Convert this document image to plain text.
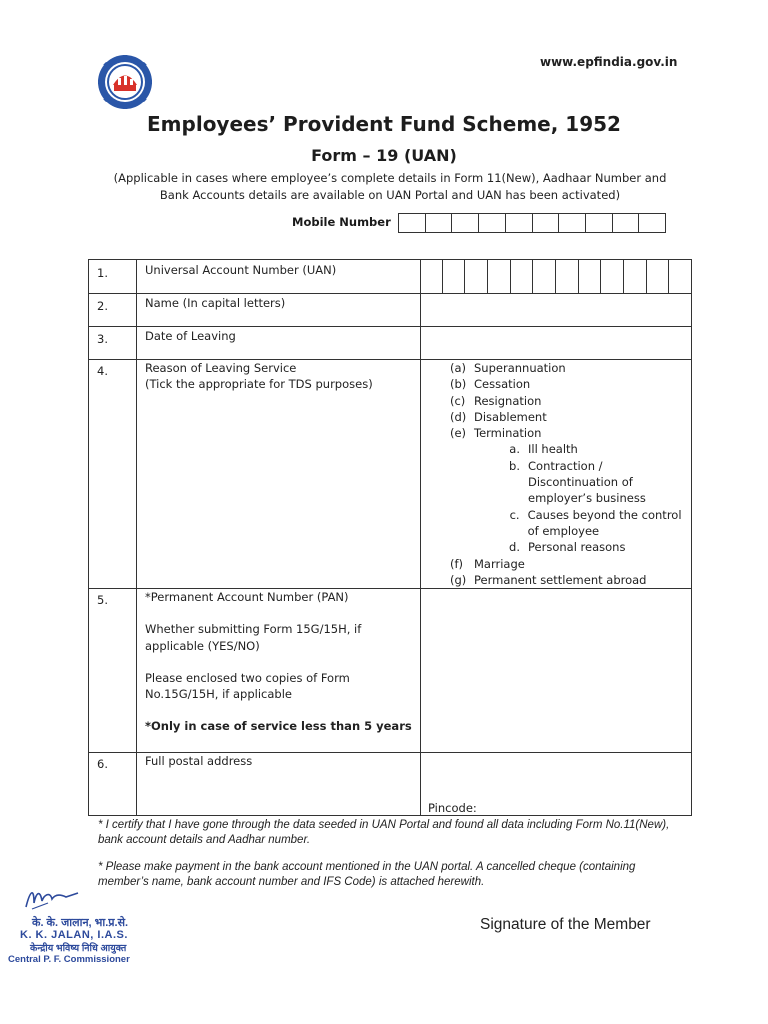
www.epfindia.gov.in
Employees’ Provident Fund Scheme, 1952
Form – 19 (UAN)
(Applicable in cases where employee’s complete details in Form 11(New), Aadhaar Number and
Bank Accounts details are available on UAN Portal and UAN has been activated)
Mobile Number
1.	Universal Account Number (UAN)
2.	Name (In capital letters)
3.	Date of Leaving
4.	Reason of Leaving Service
(Tick the appropriate for TDS purposes)
(a) Superannuation
(b) Cessation
(c) Resignation
(d) Disablement
(e) Termination
a. Ill health
b. Contraction / Discontinuation of employer’s business
c. Causes beyond the control of employee
d. Personal reasons
(f) Marriage
(g) Permanent settlement abroad
5.	*Permanent Account Number (PAN)
Whether submitting Form 15G/15H, if applicable (YES/NO)
Please enclosed two copies of Form No.15G/15H, if applicable
*Only in case of service less than 5 years
6.	Full postal address
Pincode:
* I certify that I have gone through the data seeded in UAN Portal and found all data including Form No.11(New), bank account details and Aadhar number.
* Please make payment in the bank account mentioned in the UAN portal. A cancelled cheque (containing member’s name, bank account number and IFS Code) is attached herewith.
Signature of the Member
के. के. जालान, भा.प्र.से.
K. K. JALAN, I.A.S.
केन्द्रीय भविष्य निधि आयुक्त
Central P. F. Commissioner
